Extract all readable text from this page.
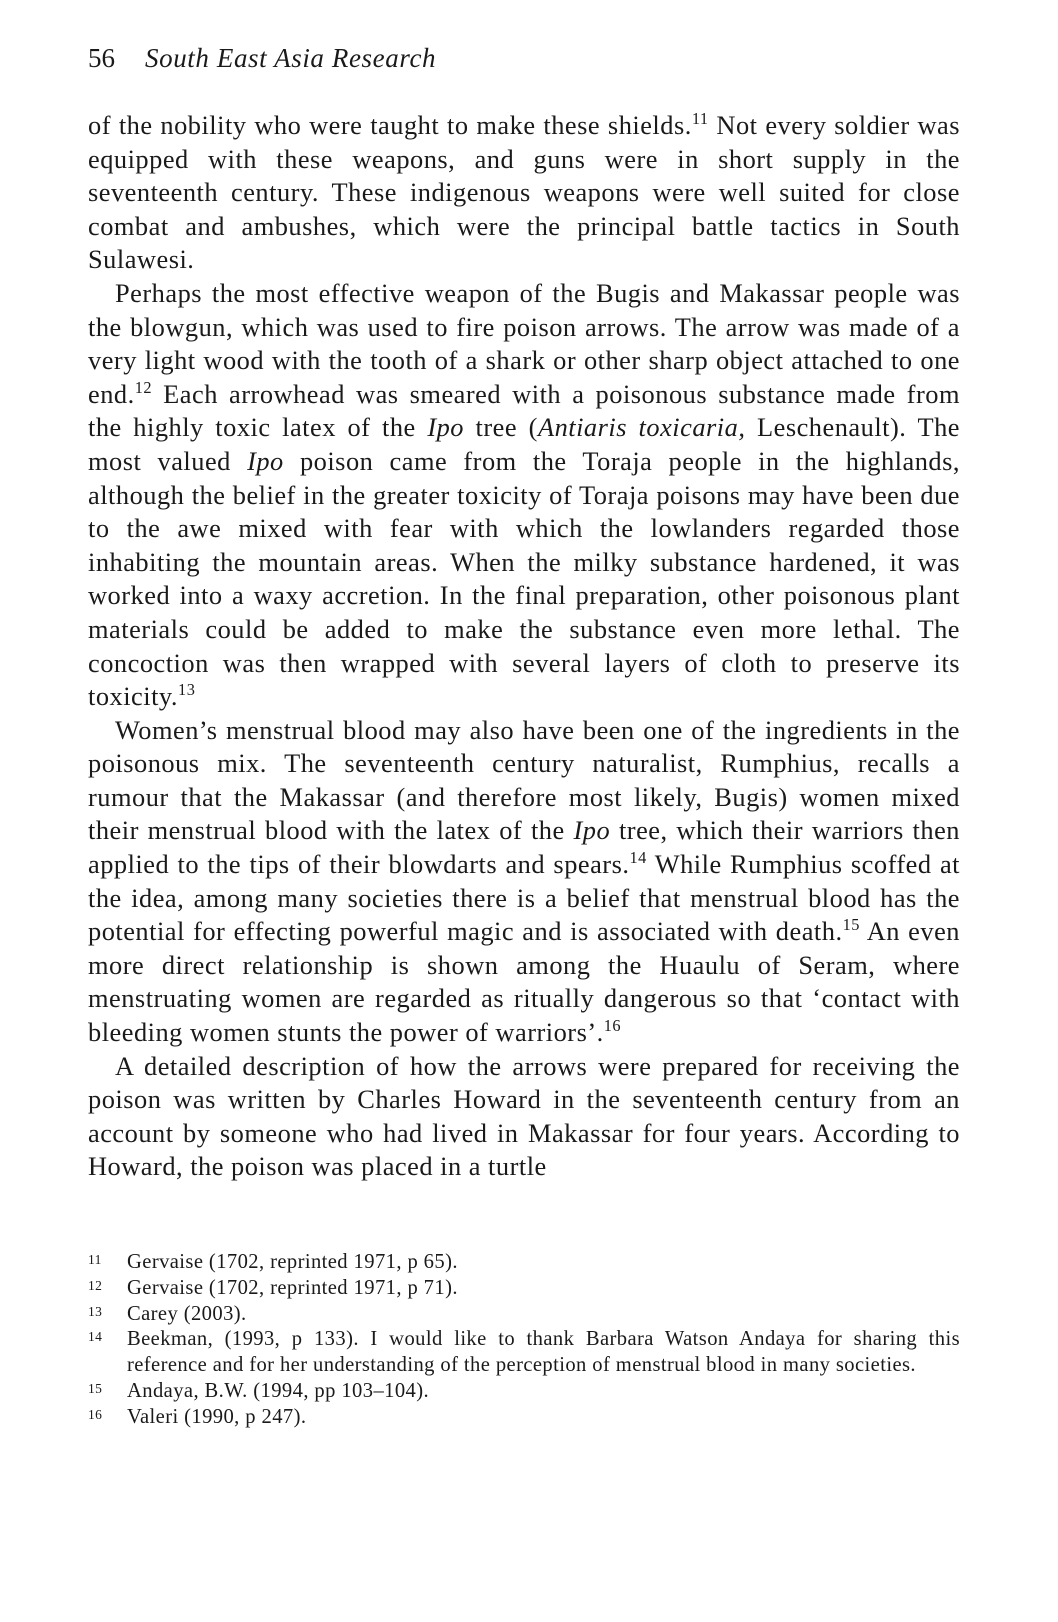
56 South East Asia Research

of the nobility who were taught to make these shields.$^{11}$ Not every soldier was equipped with these weapons, and guns were in short supply in the seventeenth century. These indigenous weapons were well suited for close combat and ambushes, which were the principal battle tactics in South Sulawesi.

Perhaps the most effective weapon of the Bugis and Makassar people was the blowgun, which was used to fire poison arrows. The arrow was made of a very light wood with the tooth of a shark or other sharp object attached to one end.$^{12}$ Each arrowhead was smeared with a poisonous substance made from the highly toxic latex of the Ipo tree (Antiaris toxicaria, Leschenault). The most valued Ipo poison came from the Toraja people in the highlands, although the belief in the greater toxicity of Toraja poisons may have been due to the awe mixed with fear with which the lowlanders regarded those inhabiting the mountain areas. When the milky substance hardened, it was worked into a waxy accretion. In the final preparation, other poisonous plant materials could be added to make the substance even more lethal. The concoction was then wrapped with several layers of cloth to preserve its toxicity.$^{13}$

Women’s menstrual blood may also have been one of the ingredients in the poisonous mix. The seventeenth century naturalist, Rumphius, recalls a rumour that the Makassar (and therefore most likely, Bugis) women mixed their menstrual blood with the latex of the Ipo tree, which their warriors then applied to the tips of their blowdarts and spears.$^{14}$ While Rumphius scoffed at the idea, among many societies there is a belief that menstrual blood has the potential for effecting powerful magic and is associated with death.$^{15}$ An even more direct relationship is shown among the Huaulu of Seram, where menstruating women are regarded as ritually dangerous so that ‘contact with bleeding women stunts the power of warriors’.$^{16}$

A detailed description of how the arrows were prepared for receiving the poison was written by Charles Howard in the seventeenth century from an account by someone who had lived in Makassar for four years. According to Howard, the poison was placed in a turtle

11 Gervaise (1702, reprinted 1971, p 65).
12 Gervaise (1702, reprinted 1971, p 71).
13 Carey (2003).
14 Beekman, (1993, p 133). I would like to thank Barbara Watson Andaya for sharing this reference and for her understanding of the perception of menstrual blood in many societies.
15 Andaya, B.W. (1994, pp 103–104).
16 Valeri (1990, p 247).
